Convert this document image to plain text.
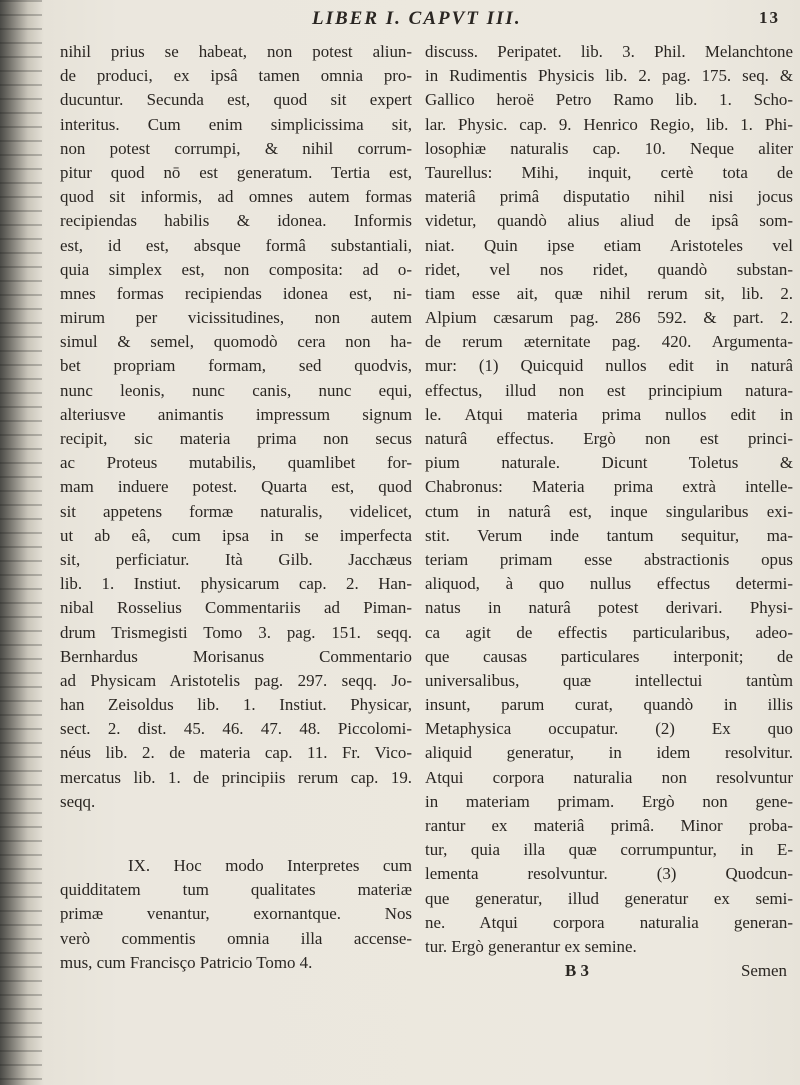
LIBER I. CAPVT III.	13
nihil prius se habeat, non potest aliun-
de produci, ex ipsâ tamen omnia pro-
ducuntur. Secunda est, quod sit expert
interitus. Cum enim simplicissima sit,
non potest corrumpi, & nihil corrum-
pitur quod nō est generatum. Tertia est,
quod sit informis, ad omnes autem formas
recipiendas habilis & idonea. Informis
est, id est, absque formâ substantiali,
quia simplex est, non composita: ad o-
mnes formas recipiendas idonea est, ni-
mirum per vicissitudines, non autem
simul & semel, quomodò cera non ha-
bet propriam formam, sed quodvis,
nunc leonis, nunc canis, nunc equi,
alteriusve animantis impressum signum
recipit, sic materia prima non secus
ac Proteus mutabilis, quamlibet for-
mam induere potest. Quarta est, quod
sit appetens formæ naturalis, videlicet,
ut ab eâ, cum ipsa in se imperfecta
sit, perficiatur. Ità Gilb. Jacchæus
lib. 1. Instiut. physicarum cap. 2. Han-
nibal Rosselius Commentariis ad Piman-
drum Trismegisti Tomo 3. pag. 151. seqq.
Bernhardus Morisanus Commentario
ad Physicam Aristotelis pag. 297. seqq. Jo-
han Zeisoldus lib. 1. Instiut. Physicar,
sect. 2. dist. 45. 46. 47. 48. Piccolomi-
néus lib. 2. de materia cap. 11. Fr. Vico-
mercatus lib. 1. de principiis rerum cap. 19.
seqq.
IX. Hoc modo Interpretes cum
quidditatem tum qualitates materiæ
primæ venantur, exornantque. Nos
verò commentis omnia illa accense-
mus, cum Francisço Patricio Tomo 4.
discuss. Peripatet. lib. 3. Phil. Melanchtone
in Rudimentis Physicis lib. 2. pag. 175. seq. &
Gallico heroë Petro Ramo lib. 1. Scho-
lar. Physic. cap. 9. Henrico Regio, lib. 1. Phi-
losophiæ naturalis cap. 10. Neque aliter
Taurellus: Mihi, inquit, certè tota de
materiâ primâ disputatio nihil nisi jocus
videtur, quandò alius aliud de ipsâ som-
niat. Quin ipse etiam Aristoteles vel
ridet, vel nos ridet, quandò substan-
tiam esse ait, quæ nihil rerum sit, lib. 2.
Alpium cæsarum pag. 286 592. & part. 2.
de rerum æternitate pag. 420. Argumenta-
mur: (1) Quicquid nullos edit in naturâ
effectus, illud non est principium natura-
le. Atqui materia prima nullos edit in
naturâ effectus. Ergò non est princi-
pium naturale. Dicunt Toletus &
Chabronus: Materia prima extrà intelle-
ctum in naturâ est, inque singularibus exi-
stit. Verum inde tantum sequitur, ma-
teriam primam esse abstractionis opus
aliquod, à quo nullus effectus determi-
natus in naturâ potest derivari. Physi-
ca agit de effectis particularibus, adeo-
que causas particulares interponit; de
universalibus, quæ intellectui tantùm
insunt, parum curat, quandò in illis
Metaphysica occupatur. (2) Ex quo
aliquid generatur, in idem resolvitur.
Atqui corpora naturalia non resolvuntur
in materiam primam. Ergò non gene-
rantur ex materiâ primâ. Minor proba-
tur, quia illa quæ corrumpuntur, in E-
lementa resolvuntur. (3) Quodcun-
que generatur, illud generatur ex semi-
ne. Atqui corpora naturalia generan-
tur. Ergò generantur ex semine.
B 3	Semen
